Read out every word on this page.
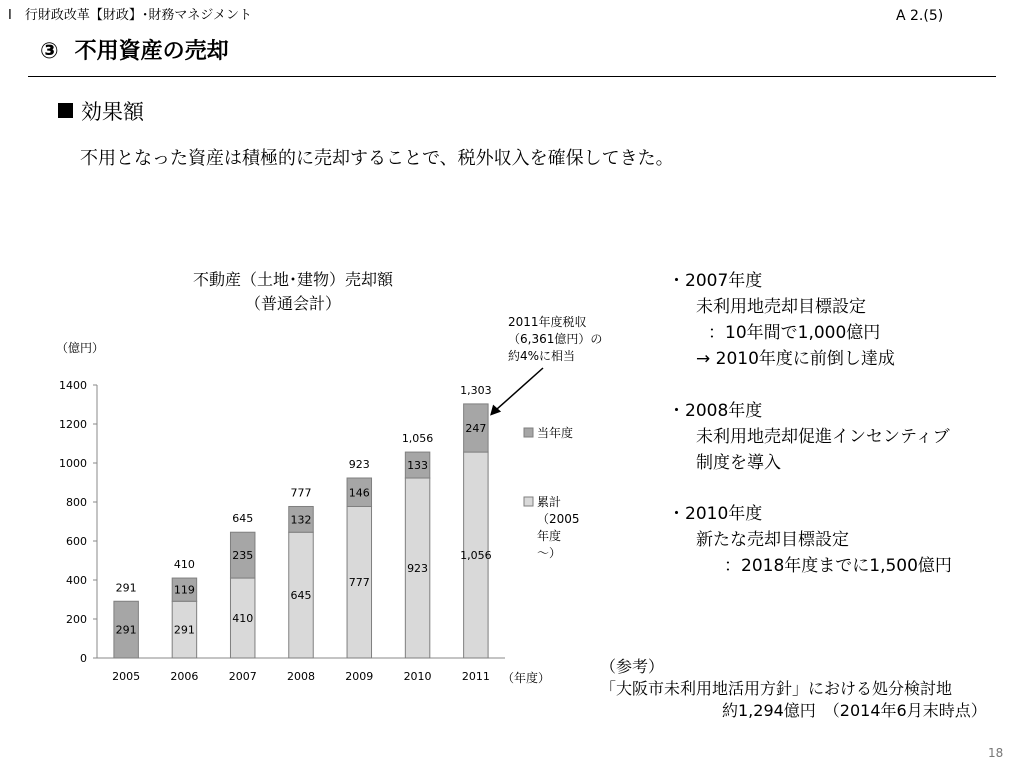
Ⅰ　行財政改革【財政】･財務マネジメント	A 2.(5)
③ 不用資産の売却
効果額
不用となった資産は積極的に売却することで、税外収入を確保してきた。
不動産（土地･建物）売却額
（普通会計）
（億円）
（年度）
0
200
400
600
800
1000
1200
1400
291
291
2005
291
119
410
2006
410
235
645
2007
645
132
777
2008
777
146
923
2009
923
133
1,056
2010
1,056
247
1,303
2011
当年度
累計
（2005
年度
～）
2011年度税収
（6,361億円）の
約4%に相当
・2007年度
未利用地売却目標設定
：10年間で1,000億円
→ 2010年度に前倒し達成
・2008年度
未利用地売却促進インセンティブ
制度を導入
・2010年度
新たな売却目標設定
：2018年度までに1,500億円
（参考）
「大阪市未利用地活用方針」における処分検討地
約1,294億円　（2014年6月末時点）
18
